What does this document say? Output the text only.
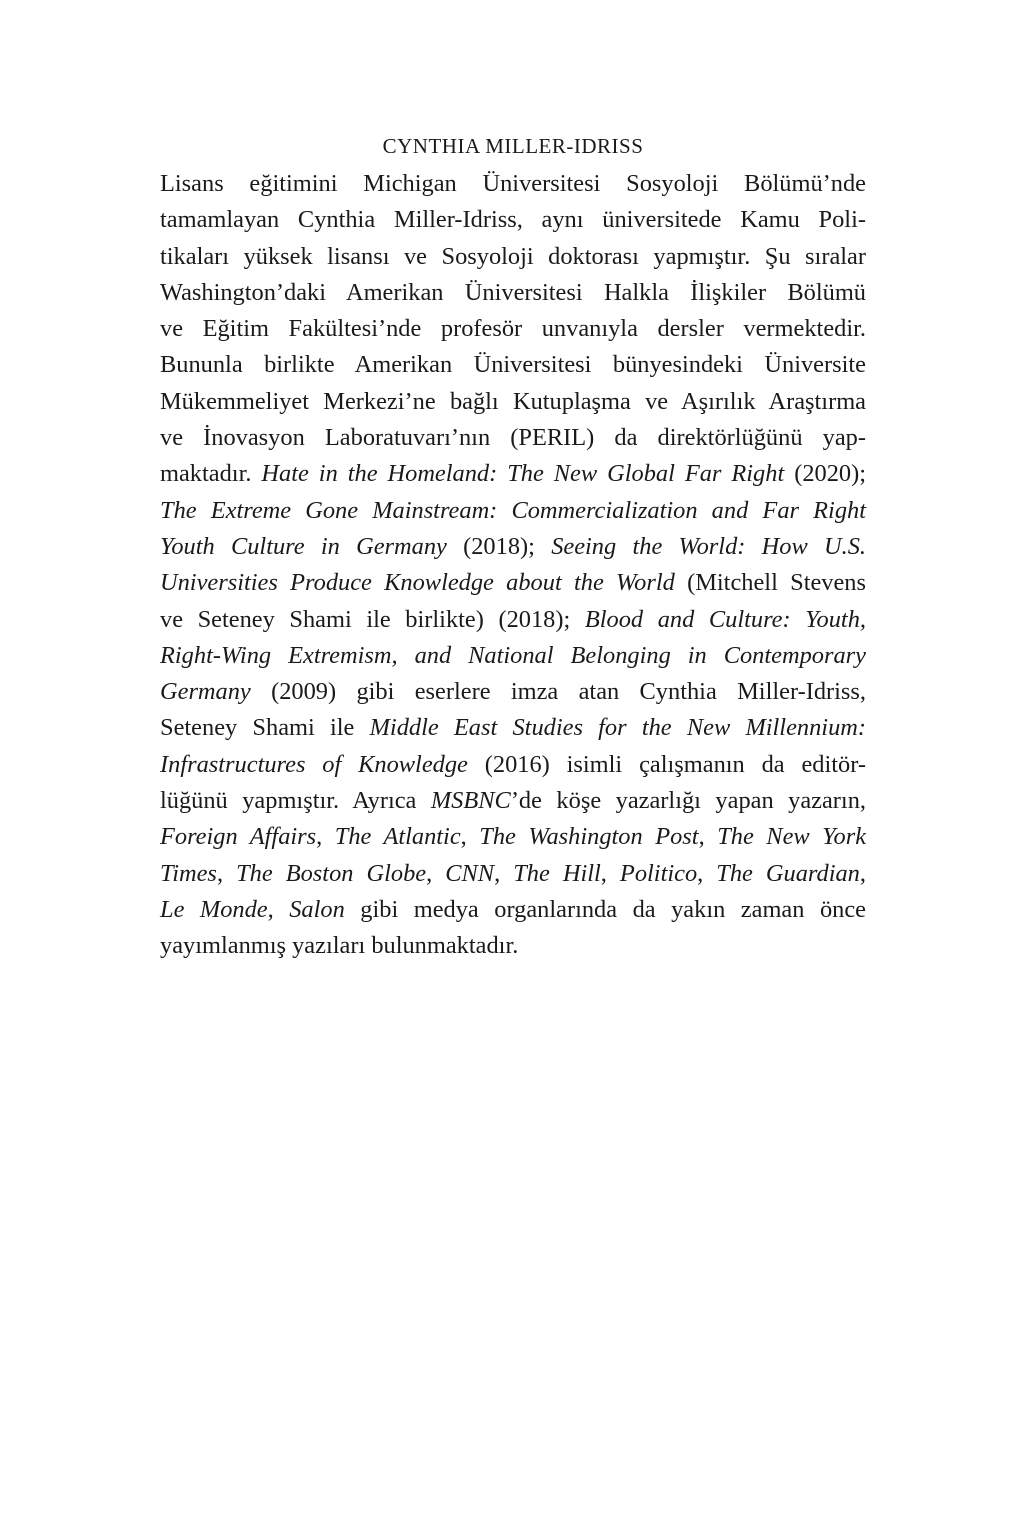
CYNTHIA MILLER-IDRISS
Lisans eğitimini Michigan Üniversitesi Sosyoloji Bölümü’nde
tamamlayan Cynthia Miller-Idriss, aynı üniversitede Kamu Poli-
tikaları yüksek lisansı ve Sosyoloji doktorası yapmıştır. Şu sıralar
Washington’daki Amerikan Üniversitesi Halkla İlişkiler Bölümü
ve Eğitim Fakültesi’nde profesör unvanıyla dersler vermektedir.
Bununla birlikte Amerikan Üniversitesi bünyesindeki Üniversite
Mükemmeliyet Merkezi’ne bağlı Kutuplaşma ve Aşırılık Araştırma
ve İnovasyon Laboratuvarı’nın (PERIL) da direktörlüğünü yap-
maktadır. Hate in the Homeland: The New Global Far Right (2020);
The Extreme Gone Mainstream: Commercialization and Far Right
Youth Culture in Germany (2018); Seeing the World: How U.S.
Universities Produce Knowledge about the World (Mitchell Stevens
ve Seteney Shami ile birlikte) (2018); Blood and Culture: Youth,
Right-Wing Extremism, and National Belonging in Contemporary
Germany (2009) gibi eserlere imza atan Cynthia Miller-Idriss,
Seteney Shami ile Middle East Studies for the New Millennium:
Infrastructures of Knowledge (2016) isimli çalışmanın da editör-
lüğünü yapmıştır. Ayrıca MSBNC’de köşe yazarlığı yapan yazarın,
Foreign Affairs, The Atlantic, The Washington Post, The New York
Times, The Boston Globe, CNN, The Hill, Politico, The Guardian,
Le Monde, Salon gibi medya organlarında da yakın zaman önce
yayımlanmış yazıları bulunmaktadır.
